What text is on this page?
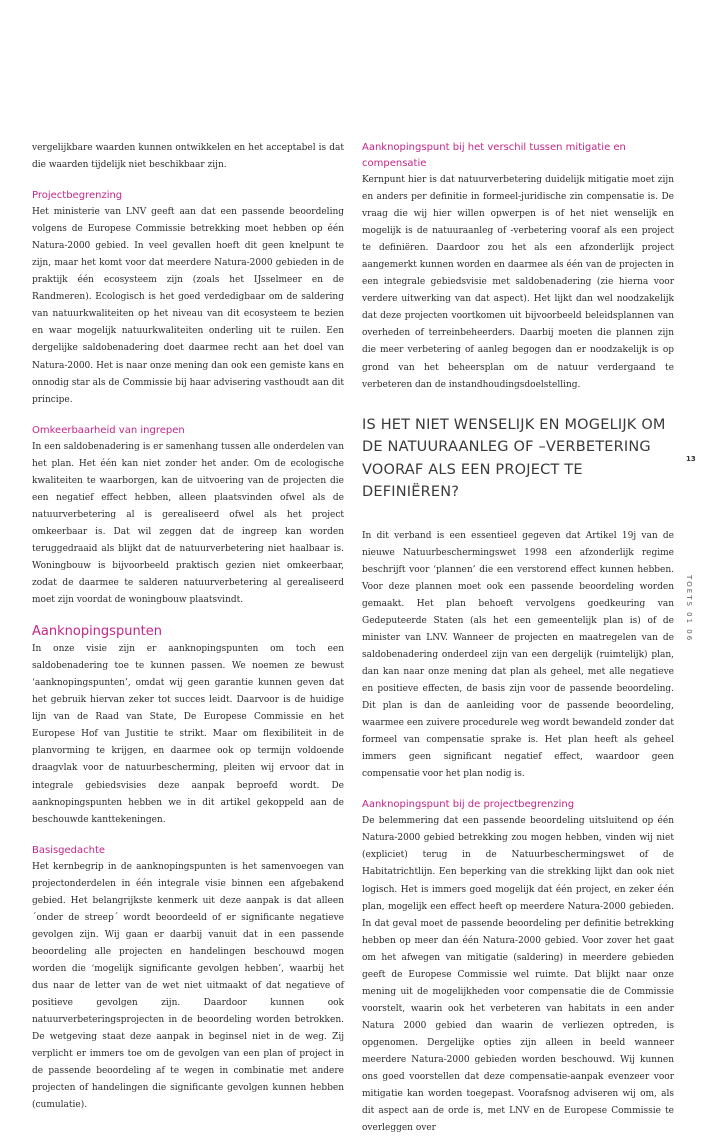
vergelijkbare waarden kunnen ontwikkelen en het acceptabel is dat die waarden tijdelijk niet beschikbaar zijn.

Projectbegrenzing

Het ministerie van LNV geeft aan dat een passende beoordeling volgens de Europese Commissie betrekking moet hebben op één Natura-2000 gebied. In veel gevallen hoeft dit geen knelpunt te zijn, maar het komt voor dat meerdere Natura-2000 gebieden in de praktijk één ecosysteem zijn (zoals het IJsselmeer en de Randmeren). Ecologisch is het goed verdedigbaar om de saldering van natuurkwaliteiten op het niveau van dit ecosysteem te bezien en waar mogelijk natuurkwaliteiten onderling uit te ruilen. Een dergelijke saldobenadering doet daarmee recht aan het doel van Natura-2000. Het is naar onze mening dan ook een gemiste kans en onnodig star als de Commissie bij haar advisering vasthoudt aan dit principe.

Omkeerbaarheid van ingrepen

In een saldobenadering is er samenhang tussen alle onderdelen van het plan. Het één kan niet zonder het ander. Om de ecologische kwaliteiten te waarborgen, kan de uitvoering van de projecten die een negatief effect hebben, alleen plaatsvinden ofwel als de natuurverbetering al is gerealiseerd ofwel als het project omkeerbaar is. Dat wil zeggen dat de ingreep kan worden teruggedraaid als blijkt dat de natuurverbetering niet haalbaar is. Woningbouw is bijvoorbeeld praktisch gezien niet omkeerbaar, zodat de daarmee te salderen natuurverbetering al gerealiseerd moet zijn voordat de woningbouw plaatsvindt.

Aanknopingspunten

In onze visie zijn er aanknopingspunten om toch een saldobenadering toe te kunnen passen. We noemen ze bewust ‘aanknopingspunten’, omdat wij geen garantie kunnen geven dat het gebruik hiervan zeker tot succes leidt. Daarvoor is de huidige lijn van de Raad van State, De Europese Commissie en het Europese Hof van Justitie te strikt. Maar om flexibiliteit in de planvorming te krijgen, en daarmee ook op termijn voldoende draagvlak voor de natuurbescherming, pleiten wij ervoor dat in integrale gebiedsvisies deze aanpak beproefd wordt. De aanknopingspunten hebben we in dit artikel gekoppeld aan de beschouwde kanttekeningen.

Basisgedachte

Het kernbegrip in de aanknopingspunten is het samenvoegen van projectonderdelen in één integrale visie binnen een afgebakend gebied. Het belangrijkste kenmerk uit deze aanpak is dat alleen ´onder de streep´ wordt beoordeeld of er significante negatieve gevolgen zijn. Wij gaan er daarbij vanuit dat in een passende beoordeling alle projecten en handelingen beschouwd mogen worden die ‘mogelijk significante gevolgen hebben’, waarbij het dus naar de letter van de wet niet uitmaakt of dat negatieve of positieve gevolgen zijn. Daardoor kunnen ook natuurverbeteringsprojecten in de beoordeling worden betrokken. De wetgeving staat deze aanpak in beginsel niet in de weg. Zij verplicht er immers toe om de gevolgen van een plan of project in de passende beoordeling af te wegen in combinatie met andere projecten of handelingen die significante gevolgen kunnen hebben (cumulatie).

Aanknopingspunt bij het verschil tussen mitigatie en compensatie

Kernpunt hier is dat natuurverbetering duidelijk mitigatie moet zijn en anders per definitie in formeel-juridische zin compensatie is. De vraag die wij hier willen opwerpen is of het niet wenselijk en mogelijk is de natuuraanleg of -verbetering vooraf als een project te definiëren. Daardoor zou het als een afzonderlijk project aangemerkt kunnen worden en daarmee als één van de projecten in een integrale gebiedsvisie met saldobenadering (zie hierna voor verdere uitwerking van dat aspect). Het lijkt dan wel noodzakelijk dat deze projecten voortkomen uit bijvoorbeeld beleidsplannen van overheden of terreinbeheerders. Daarbij moeten die plannen zijn die meer verbetering of aanleg begogen dan er noodzakelijk is op grond van het beheersplan om de natuur verdergaand te verbeteren dan de instandhoudingsdoelstelling.

IS HET NIET WENSELIJK EN MOGELIJK OM DE NATUURAANLEG OF –VERBETERING VOORAF ALS EEN PROJECT TE DEFINIËREN?

In dit verband is een essentieel gegeven dat Artikel 19j van de nieuwe Natuurbeschermingswet 1998 een afzonderlijk regime beschrijft voor ‘plannen’ die een verstorend effect kunnen hebben. Voor deze plannen moet ook een passende beoordeling worden gemaakt. Het plan behoeft vervolgens goedkeuring van Gedeputeerde Staten (als het een gemeentelijk plan is) of de minister van LNV. Wanneer de projecten en maatregelen van de saldobenadering onderdeel zijn van een dergelijk (ruimtelijk) plan, dan kan naar onze mening dat plan als geheel, met alle negatieve en positieve effecten, de basis zijn voor de passende beoordeling. Dit plan is dan de aanleiding voor de passende beoordeling, waarmee een zuivere procedurele weg wordt bewandeld zonder dat formeel van compensatie sprake is. Het plan heeft als geheel immers geen significant negatief effect, waardoor geen compensatie voor het plan nodig is.

Aanknopingspunt bij de projectbegrenzing

De belemmering dat een passende beoordeling uitsluitend op één Natura-2000 gebied betrekking zou mogen hebben, vinden wij niet (expliciet) terug in de Natuurbeschermingswet of de Habitatrichtlijn. Een beperking van die strekking lijkt dan ook niet logisch. Het is immers goed mogelijk dat één project, en zeker één plan, mogelijk een effect heeft op meerdere Natura-2000 gebieden. In dat geval moet de passende beoordeling per definitie betrekking hebben op meer dan één Natura-2000 gebied. Voor zover het gaat om het afwegen van mitigatie (saldering) in meerdere gebieden geeft de Europese Commissie wel ruimte. Dat blijkt naar onze mening uit de mogelijkheden voor compensatie die de Commissie voorstelt, waarin ook het verbeteren van habitats in een ander Natura 2000 gebied dan waarin de verliezen optreden, is opgenomen. Dergelijke opties zijn alleen in beeld wanneer meerdere Natura-2000 gebieden worden beschouwd. Wij kunnen ons goed voorstellen dat deze compensatie-aanpak evenzeer voor mitigatie kan worden toegepast. Voorafsnog adviseren wij om, als dit aspect aan de orde is, met LNV en de Europese Commissie te overleggen over

13
TOETS 01 06
